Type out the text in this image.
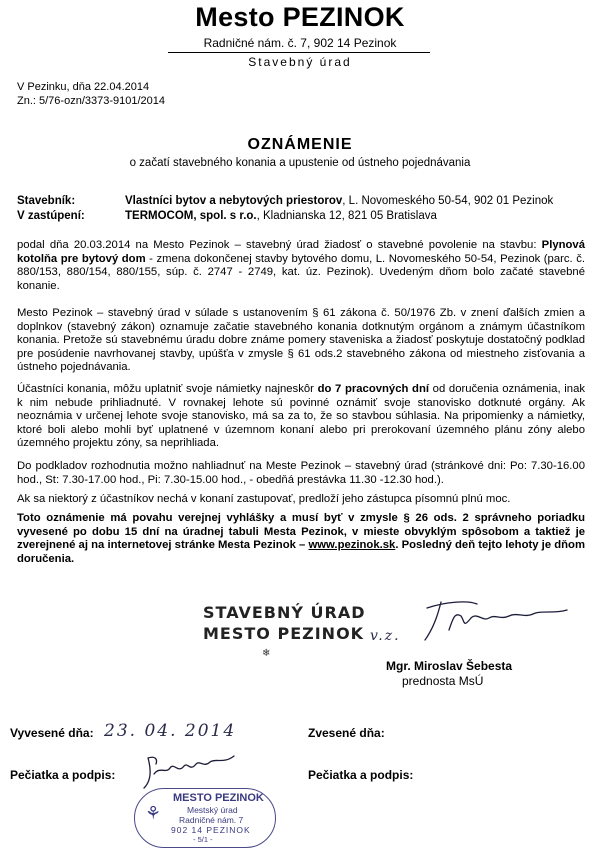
Mesto PEZINOK
Radničné nám. č. 7, 902 14 Pezinok
Stavebný úrad
V Pezinku, dňa 22.04.2014
Zn.: 5/76-ozn/3373-9101/2014
OZNÁMENIE
o začatí stavebného konania a upustenie od ústneho pojednávania
Stavebník:	Vlastníci bytov a nebytových priestorov, L. Novomeského 50-54, 902 01 Pezinok
V zastúpení:	TERMOCOM, spol. s r.o., Kladnianska 12, 821 05 Bratislava
podal dňa 20.03.2014 na Mesto Pezinok – stavebný úrad žiadosť o stavebné povolenie na stavbu: Plynová kotolňa pre bytový dom - zmena dokončenej stavby bytového domu, L. Novomeského 50-54, Pezinok (parc. č. 880/153, 880/154, 880/155, súp. č. 2747 - 2749, kat. úz. Pezinok). Uvedeným dňom bolo začaté stavebné konanie.
Mesto Pezinok – stavebný úrad v súlade s ustanovením § 61 zákona č. 50/1976 Zb. v znení ďalších zmien a doplnkov (stavebný zákon) oznamuje začatie stavebného konania dotknutým orgánom a známym účastníkom konania. Pretože sú stavebnému úradu dobre známe pomery staveniska a žiadosť poskytuje dostatočný podklad pre posúdenie navrhovanej stavby, upúšťa v zmysle § 61 ods.2 stavebného zákona od miestneho zisťovania a ústneho pojednávania.
Účastníci konania, môžu uplatniť svoje námietky najneskôr do 7 pracovných dní od doručenia oznámenia, inak k nim nebude prihliadnuté. V rovnakej lehote sú povinné oznámiť svoje stanovisko dotknuté orgány. Ak neoznámia v určenej lehote svoje stanovisko, má sa za to, že so stavbou súhlasia. Na pripomienky a námietky, ktoré boli alebo mohli byť uplatnené v územnom konaní alebo pri prerokovaní územného plánu zóny alebo územného projektu zóny, sa neprihliada.
Do podkladov rozhodnutia možno nahliadnuť na Meste Pezinok – stavebný úrad (stránkové dni: Po: 7.30-16.00 hod., St: 7.30-17.00 hod., Pi: 7.30-15.00 hod., - obedňá prestávka 11.30 -12.30 hod.).
Ak sa niektorý z účastníkov nechá v konaní zastupovať, predloží jeho zástupca písomnú plnú moc.
Toto oznámenie má povahu verejnej vyhlášky a musí byť v zmysle § 26 ods. 2 správneho poriadku vyvesené po dobu 15 dní na úradnej tabuli Mesta Pezinok, v mieste obvyklým spôsobom a taktiež je zverejnené aj na internetovej stránke Mesta Pezinok – www.pezinok.sk. Posledný deň tejto lehoty je dňom doručenia.
STAVEBNÝ ÚRAD
MESTO PEZINOK
❄
v.z.
Mgr. Miroslav Šebesta
prednosta MsÚ
Vyvesené dňa: 23. 04. 2014	Zvesené dňa:
Pečiatka a podpis:	Pečiatka a podpis:
⚘
MESTO PEZINOK
Mestský úrad
Radničné nám. 7
902 14 PEZINOK
- 5/1 -
